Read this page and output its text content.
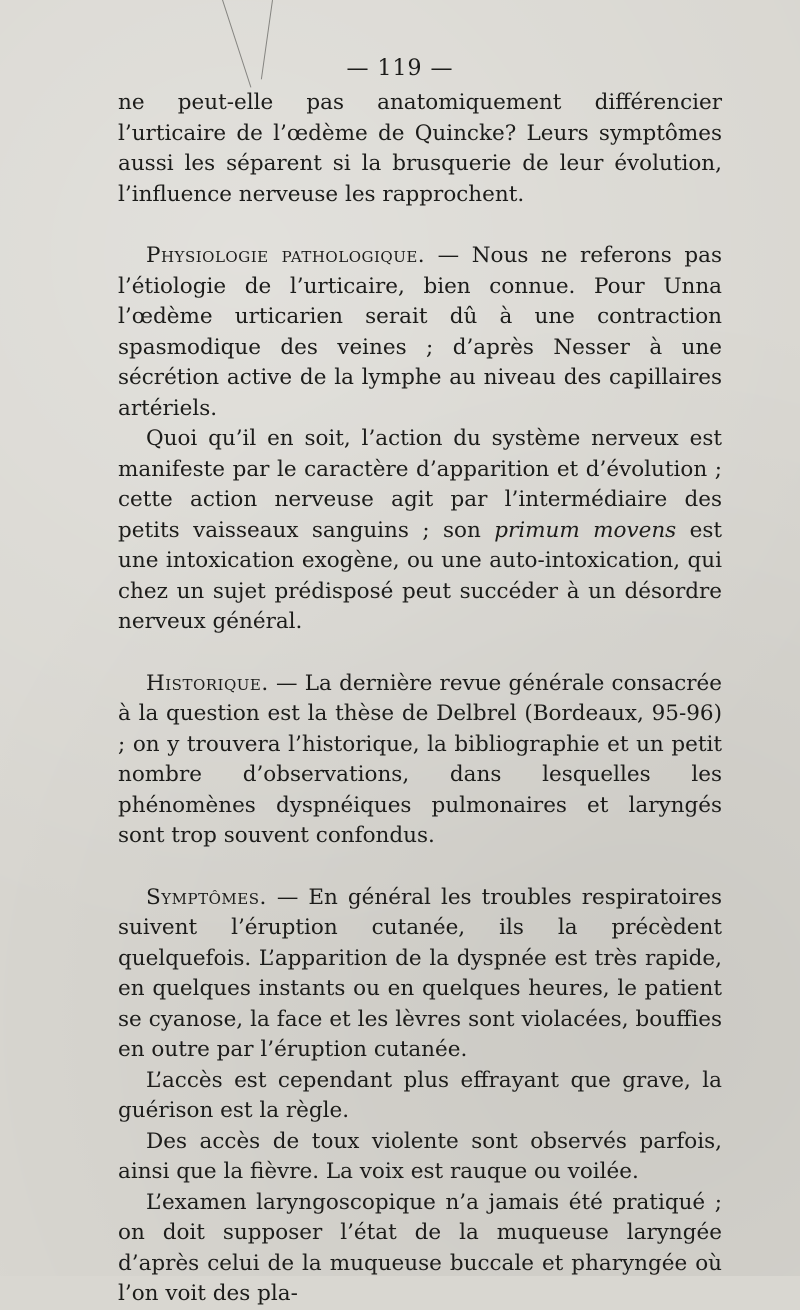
— 119 —

ne peut-elle pas anatomiquement différencier l’urticaire de l’œdème de Quincke? Leurs symptômes aussi les séparent si la brusquerie de leur évolution, l’influence nerveuse les rapprochent.

Physiologie pathologique. — Nous ne referons pas l’étiologie de l’urticaire, bien connue. Pour Unna l’œdème urticarien serait dû à une contraction spasmodique des veines ; d’après Nesser à une sécrétion active de la lymphe au niveau des capillaires artériels.

Quoi qu’il en soit, l’action du système nerveux est manifeste par le caractère d’apparition et d’évolution ; cette action nerveuse agit par l’intermédiaire des petits vaisseaux sanguins ; son primum movens est une intoxication exogène, ou une auto-intoxication, qui chez un sujet prédisposé peut succéder à un désordre nerveux général.

Historique. — La dernière revue générale consacrée à la question est la thèse de Delbrel (Bordeaux, 95-96) ; on y trouvera l’historique, la bibliographie et un petit nombre d’observations, dans lesquelles les phénomènes dyspnéiques pulmonaires et laryngés sont trop souvent confondus.

Symptômes. — En général les troubles respiratoires suivent l’éruption cutanée, ils la précèdent quelquefois. L’apparition de la dyspnée est très rapide, en quelques instants ou en quelques heures, le patient se cyanose, la face et les lèvres sont violacées, bouffies en outre par l’éruption cutanée.

L’accès est cependant plus effrayant que grave, la guérison est la règle.

Des accès de toux violente sont observés parfois, ainsi que la fièvre. La voix est rauque ou voilée.

L’examen laryngoscopique n’a jamais été pratiqué ; on doit supposer l’état de la muqueuse laryngée d’après celui de la muqueuse buccale et pharyngée où l’on voit des pla-
